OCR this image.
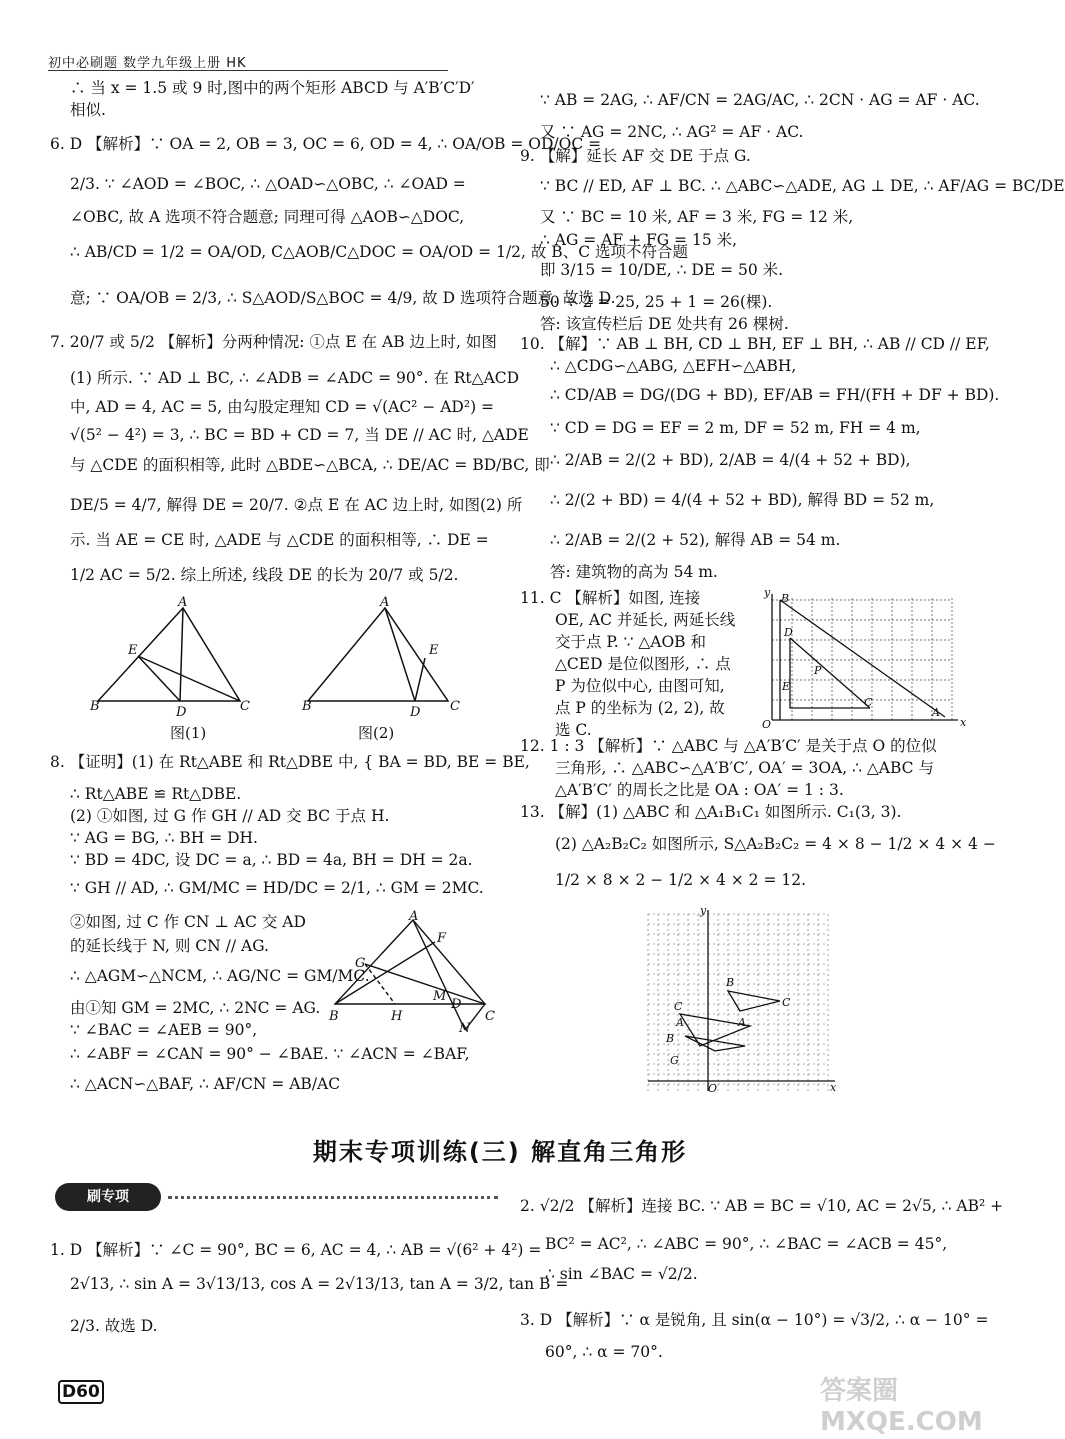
初中必刷题 数学九年级上册 HK
∴ 当 x = 1.5 或 9 时,图中的两个矩形 ABCD 与 A′B′C′D′
相似.
6. D 【解析】∵ OA = 2, OB = 3, OC = 6, OD = 4, ∴ OA/OB = OD/OC =
2/3. ∵ ∠AOD = ∠BOC, ∴ △OAD∽△OBC, ∴ ∠OAD =
∠OBC, 故 A 选项不符合题意; 同理可得 △AOB∽△DOC,
∴ AB/CD = 1/2 = OA/OD, C△AOB/C△DOC = OA/OD = 1/2, 故 B、C 选项不符合题
意; ∵ OA/OB = 2/3, ∴ S△AOD/S△BOC = 4/9, 故 D 选项符合题意. 故选 D.
7. 20/7 或 5/2 【解析】分两种情况: ①点 E 在 AB 边上时, 如图
(1) 所示. ∵ AD ⊥ BC, ∴ ∠ADB = ∠ADC = 90°. 在 Rt△ACD
中, AD = 4, AC = 5, 由勾股定理知 CD = √(AC² − AD²) =
√(5² − 4²) = 3, ∴ BC = BD + CD = 7, 当 DE // AC 时, △ADE
与 △CDE 的面积相等, 此时 △BDE∽△BCA, ∴ DE/AC = BD/BC, 即
DE/5 = 4/7, 解得 DE = 20/7. ②点 E 在 AC 边上时, 如图(2) 所
示. 当 AE = CE 时, △ADE 与 △CDE 的面积相等, ∴ DE =
1/2 AC = 5/2. 综上所述, 线段 DE 的长为 20/7 或 5/2.
A
E
B	D	C
A
E
B	D C
图(1)	图(2)
8. 【证明】(1) 在 Rt△ABE 和 Rt△DBE 中, { BA = BD, BE = BE,
∴ Rt△ABE ≌ Rt△DBE.
(2) ①如图, 过 G 作 GH // AD 交 BC 于点 H.
∵ AG = BG, ∴ BH = DH.
∵ BD = 4DC, 设 DC = a, ∴ BD = 4a, BH = DH = 2a.
∵ GH // AD, ∴ GM/MC = HD/DC = 2/1, ∴ GM = 2MC.
②如图, 过 C 作 CN ⊥ AC 交 AD
的延长线于 N, 则 CN // AG.
∴ △AGM∽△NCM, ∴ AG/NC = GM/MC.
由①知 GM = 2MC, ∴ 2NC = AG.
∵ ∠BAC = ∠AEB = 90°,
∴ ∠ABF = ∠CAN = 90° − ∠BAE. ∵ ∠ACN = ∠BAF,
∴ △ACN∽△BAF, ∴ AF/CN = AB/AC
A
F
G
M
B	H
D
C
N
∵ AB = 2AG, ∴ AF/CN = 2AG/AC, ∴ 2CN · AG = AF · AC.
又 ∵ AG = 2NC, ∴ AG² = AF · AC.
9. 【解】延长 AF 交 DE 于点 G.
∵ BC // ED, AF ⊥ BC. ∴ △ABC∽△ADE, AG ⊥ DE, ∴ AF/AG = BC/DE
又 ∵ BC = 10 米, AF = 3 米, FG = 12 米,
∴ AG = AF + FG = 15 米,
即 3/15 = 10/DE, ∴ DE = 50 米.
50 ÷ 2 = 25, 25 + 1 = 26(棵).
答: 该宣传栏后 DE 处共有 26 棵树.
10. 【解】∵ AB ⊥ BH, CD ⊥ BH, EF ⊥ BH, ∴ AB // CD // EF,
∴ △CDG∽△ABG, △EFH∽△ABH,
∴ CD/AB = DG/(DG + BD), EF/AB = FH/(FH + DF + BD).
∵ CD = DG = EF = 2 m, DF = 52 m, FH = 4 m,
∴ 2/AB = 2/(2 + BD), 2/AB = 4/(4 + 52 + BD),
∴ 2/(2 + BD) = 4/(4 + 52 + BD), 解得 BD = 52 m,
∴ 2/AB = 2/(2 + 52), 解得 AB = 54 m.
答: 建筑物的高为 54 m.
11. C 【解析】如图, 连接
OE, AC 并延长, 两延长线
交于点 P. ∵ △AOB 和
△CED 是位似图形, ∴ 点
P 为位似中心, 由图可知,
点 P 的坐标为 (2, 2), 故
选 C.
12. 1 : 3 【解析】∵ △ABC 与 △A′B′C′ 是关于点 O 的位似
三角形, ∴ △ABC∽△A′B′C′, OA′ = 3OA, ∴ △ABC 与
△A′B′C′ 的周长之比是 OA : OA′ = 1 : 3.
13. 【解】(1) △ABC 和 △A₁B₁C₁ 如图所示. C₁(3, 3).
(2) △A₂B₂C₂ 如图所示, S△A₂B₂C₂ = 4 × 8 − 1/2 × 4 × 4 −
1/2 × 8 × 2 − 1/2 × 4 × 2 = 12.
B
D
P
E
C
A
O	x
y
B
C
A
C
A
B
G
O	x
y
期末专项训练(三) 解直角三角形
刷专项
1. D 【解析】∵ ∠C = 90°, BC = 6, AC = 4, ∴ AB = √(6² + 4²) =
2√13, ∴ sin A = 3√13/13, cos A = 2√13/13, tan A = 3/2, tan B =
2/3. 故选 D.
2. √2/2 【解析】连接 BC. ∵ AB = BC = √10, AC = 2√5, ∴ AB² +
BC² = AC², ∴ ∠ABC = 90°, ∴ ∠BAC = ∠ACB = 45°,
∴ sin ∠BAC = √2/2.
3. D 【解析】∵ α 是锐角, 且 sin(α − 10°) = √3/2, ∴ α − 10° =
60°, ∴ α = 70°.
D60	答案圈 MXQE.COM
